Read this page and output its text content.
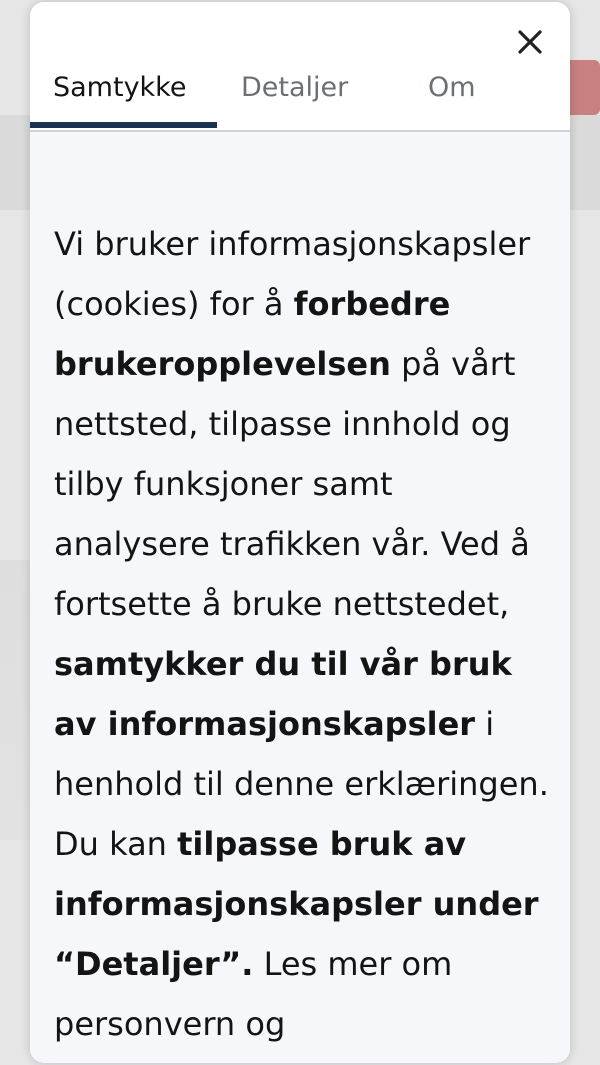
Samtykke Detaljer	Om
Vi bruker informasjonskapsler (cookies) for å forbedre brukeropplevelsen på vårt nettsted, tilpasse innhold og tilby funksjoner samt analysere trafikken vår. Ved å fortsette å bruke nettstedet, samtykker du til vår bruk av informasjonskapsler i henhold til denne erklæringen. Du kan tilpasse bruk av informasjonskapsler under “Detaljer”. Les mer om personvern og
